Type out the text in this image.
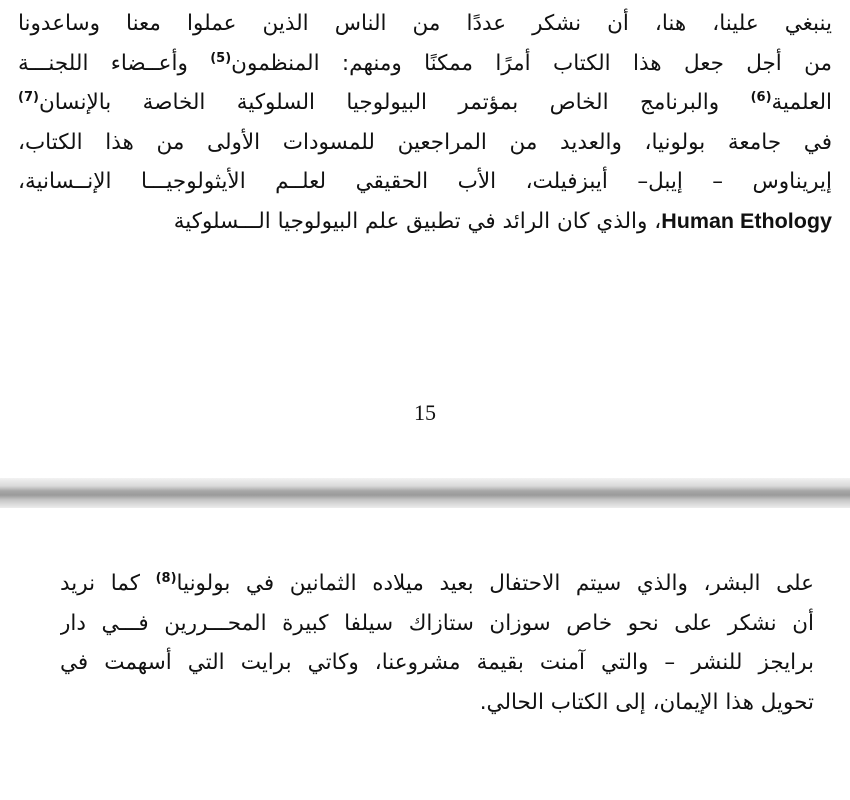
ينبغي علينا، هنا، أن نشكر عددًا من الناس الذين عملوا معنا وساعدونا
من أجل جعل هذا الكتاب أمرًا ممكنًا ومنهم: المنظمون$^{(5)}$ وأعــضاء اللجنـــة
العلمية$^{(6)}$ والبرنامج الخاص بمؤتمر البيولوجيا السلوكية الخاصة بالإنسان$^{(7)}$
في جامعة بولونيا، والعديد من المراجعين للمسودات الأولى من هذا الكتاب،
إيريناوس – إيبل– أيبزفيلت، الأب الحقيقي لعلــم الأيثولوجيـــا الإنــسانية،
Human Ethology، والذي كان الرائد في تطبيق علم البيولوجيا الـــسلوكية

15

على البشر، والذي سيتم الاحتفال بعيد ميلاده الثمانين في بولونيا$^{(8)}$ كما نريد
أن نشكر على نحو خاص سوزان ستازاك سيلفا كبيرة المحـــررين فـــي دار
برايجز للنشر – والتي آمنت بقيمة مشروعنا، وكاتي برايت التي أسهمت في
تحويل هذا الإيمان، إلى الكتاب الحالي.
